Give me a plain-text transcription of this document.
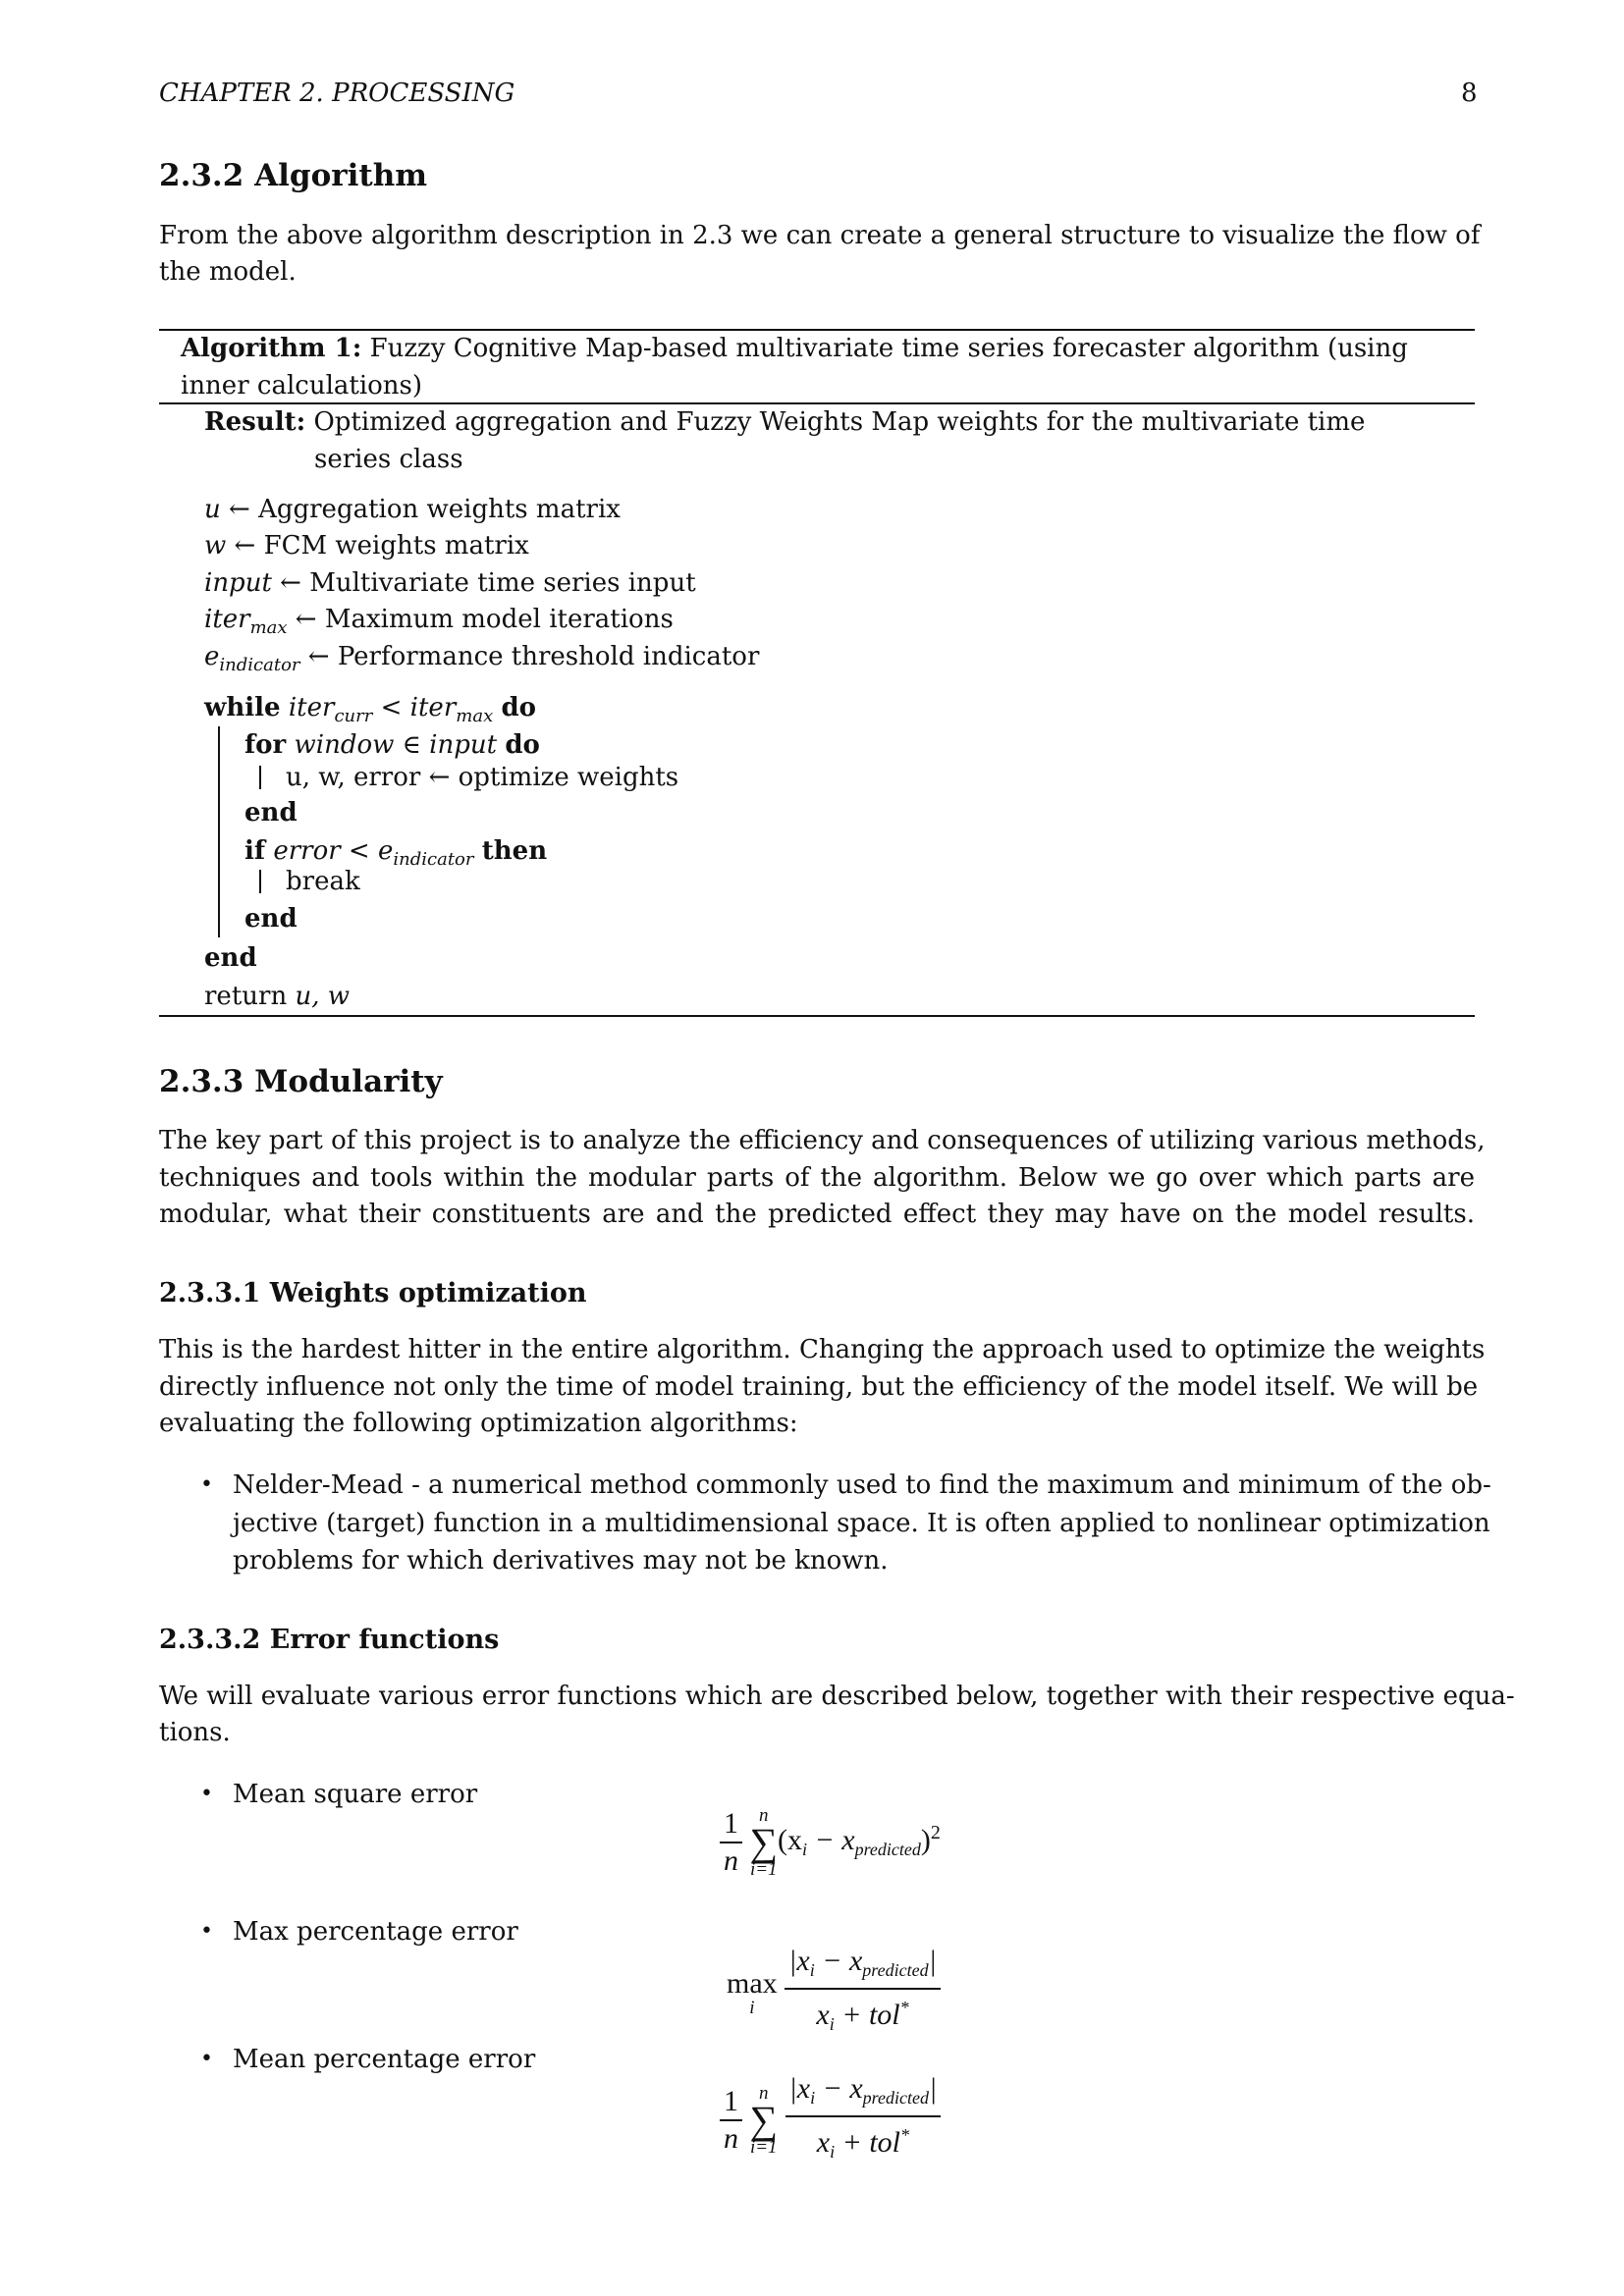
CHAPTER 2. PROCESSING	8
2.3.2 Algorithm
From the above algorithm description in 2.3 we can create a general structure to visualize the flow of
the model.
Algorithm 1: Fuzzy Cognitive Map-based multivariate time series forecaster algorithm (using
inner calculations)
Result: Optimized aggregation and Fuzzy Weights Map weights for the multivariate time
series class
u ← Aggregation weights matrix
w ← FCM weights matrix
input ← Multivariate time series input
iter$_{max}$ ← Maximum model iterations
$e_{indicator}$ ← Performance threshold indicator
while iter$_{curr}$ < iter$_{max}$ do
for window ∈ input do
u, w, error ← optimize weights
end
if error < $e_{indicator}$ then
break
end
end
return u, w
2.3.3 Modularity
The key part of this project is to analyze the efficiency and consequences of utilizing various methods,
techniques and tools within the modular parts of the algorithm. Below we go over which parts are
modular, what their constituents are and the predicted effect they may have on the model results.
2.3.3.1 Weights optimization
This is the hardest hitter in the entire algorithm. Changing the approach used to optimize the weights
directly influence not only the time of model training, but the efficiency of the model itself. We will be
evaluating the following optimization algorithms:
• Nelder-Mead - a numerical method commonly used to find the maximum and minimum of the ob-
jective (target) function in a multidimensional space. It is often applied to nonlinear optimization
problems for which derivatives may not be known.
2.3.3.2 Error functions
We will evaluate various error functions which are described below, together with their respective equa-
tions.
• Mean square error
$\frac{1}{n}$
n
∑
i=1
$(x_i - x_{predicted})^2$
• Max percentage error
max
i
$\frac{|x_i - x_{predicted}|}{x_i + tol^*}$
• Mean percentage error
$\frac{1}{n}$
n
∑
i=1
$\frac{|x_i - x_{predicted}|}{x_i + tol^*}$
